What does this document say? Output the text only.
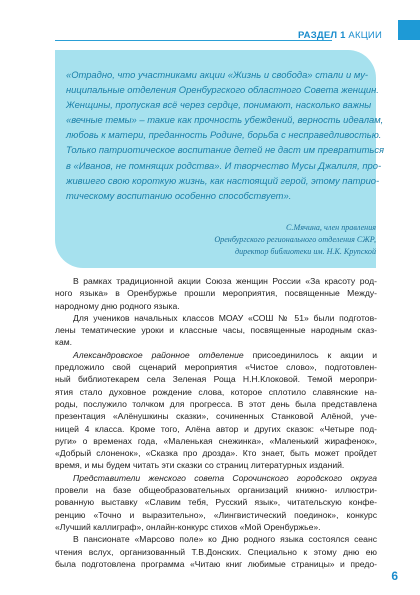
РАЗДЕЛ 1 АКЦИИ
«Отрадно, что участниками акции «Жизнь и свобода» стали и му-
ниципальные отделения Оренбургского областного Совета женщин.
Женщины, пропуская всё через сердце, понимают, насколько важны
«вечные темы» – такие как прочность убеждений, верность идеалам,
любовь к матери, преданность Родине, борьба с несправедливостью.
Только патриотическое воспитание детей не даст им превратиться
в «Иванов, не помнящих родства». И творчество Мусы Джалиля, про-
жившего свою короткую жизнь, как настоящий герой, этому патрио-
тическому воспитанию особенно способствует».
С.Мячина, член правления
Оренбургского регионального отделения СЖР,
директор библиотеки им. Н.К. Крупской
В рамках традиционной акции Союза женщин России «За красоту род-
ного языка» в Оренбуржье прошли мероприятия, посвященные Между-
народному дню родного языка.
Для учеников начальных классов МОАУ «СОШ № 51» были подготов-
лены тематические уроки и классные часы, посвященные народным сказ-
кам.
Александровское районное отделение присоединилось к акции и
предложило свой сценарий мероприятия «Чистое слово», подготовлен-
ный библиотекарем села Зеленая Роща Н.Н.Клоковой. Темой меропри-
ятия стало духовное рождение слова, которое сплотило славянские на-
роды, послужило толчком для прогресса. В этот день была представлена
презентация «Алёнушкины сказки», сочиненных Станковой Алёной, уче-
ницей 4 класса. Кроме того, Алёна автор и других сказок: «Четыре под-
руги» о временах года, «Маленькая снежинка», «Маленький жирафенок»,
«Добрый слоненок», «Сказка про дрозда». Кто знает, быть может пройдет
время, и мы будем читать эти сказки со страниц литературных изданий.
Представители женского совета Сорочинского городского округа
провели на базе общеобразовательных организаций книжно- иллюстри-
рованную выставку «Славим тебя, Русский язык», читательскую конфе-
ренцию «Точно и выразительно», «Лингвистический поединок», конкурс
«Лучший каллиграф», онлайн-конкурс стихов «Мой Оренбуржье».
В пансионате «Марсово поле» ко Дню родного языка состоялся сеанс
чтения вслух, организованный Т.В.Донских. Специально к этому дню ею
была подготовлена программа «Читаю книг любимые страницы» и предо-
6
